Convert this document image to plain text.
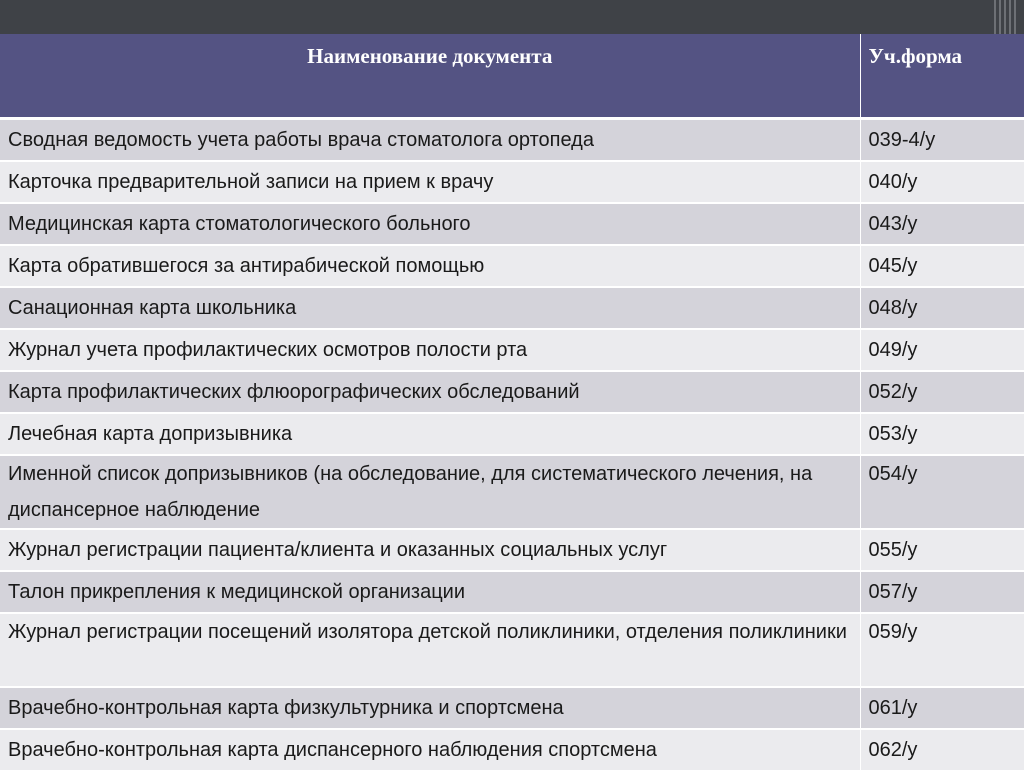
Наименование документа	Уч.форма
Сводная ведомость учета работы врача стоматолога ортопеда	039-4/у
Карточка предварительной записи на прием к врачу	040/у
Медицинская карта стоматологического больного	043/у
Карта обратившегося за антирабической помощью	045/у
Санационная карта школьника	048/у
Журнал учета профилактических осмотров полости рта	049/у
Карта профилактических флюорографических обследований	052/у
Лечебная карта допризывника	053/у
Именной список допризывников (на обследование, для систематического лечения, на диспансерное наблюдение	054/у
Журнал регистрации пациента/клиента и оказанных социальных услуг	055/у
Талон прикрепления к медицинской организации	057/у
Журнал регистрации посещений изолятора детской поликлиники, отделения поликлиники	059/у
Врачебно-контрольная карта физкультурника и спортсмена	061/у
Врачебно-контрольная карта диспансерного наблюдения спортсмена	062/у
